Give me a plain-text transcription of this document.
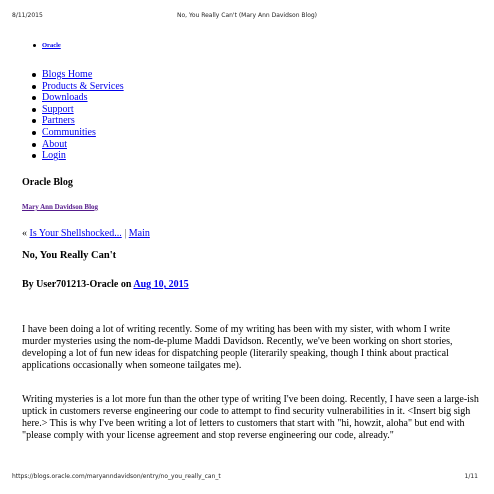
8/11/2015	No, You Really Can't (Mary Ann Davidson Blog)
Oracle
Blogs Home
Products & Services
Downloads
Support
Partners
Communities
About
Login
Oracle Blog
Mary Ann Davidson Blog
« Is Your Shellshocked... | Main
No, You Really Can't
By User701213-Oracle on Aug 10, 2015

I have been doing a lot of writing recently. Some of my writing has been with my sister, with whom I write murder mysteries using the nom-de-plume Maddi Davidson. Recently, we've been working on short stories, developing a lot of fun new ideas for dispatching people (literarily speaking, though I think about practical applications occasionally when someone tailgates me).

Writing mysteries is a lot more fun than the other type of writing I've been doing. Recently, I have seen a large-ish uptick in customers reverse engineering our code to attempt to find security vulnerabilities in it. <Insert big sigh here.> This is why I've been writing a lot of letters to customers that start with "hi, howzit, aloha" but end with "please comply with your license agreement and stop reverse engineering our code, already."

https://blogs.oracle.com/maryanndavidson/entry/no_you_really_can_t	1/11
